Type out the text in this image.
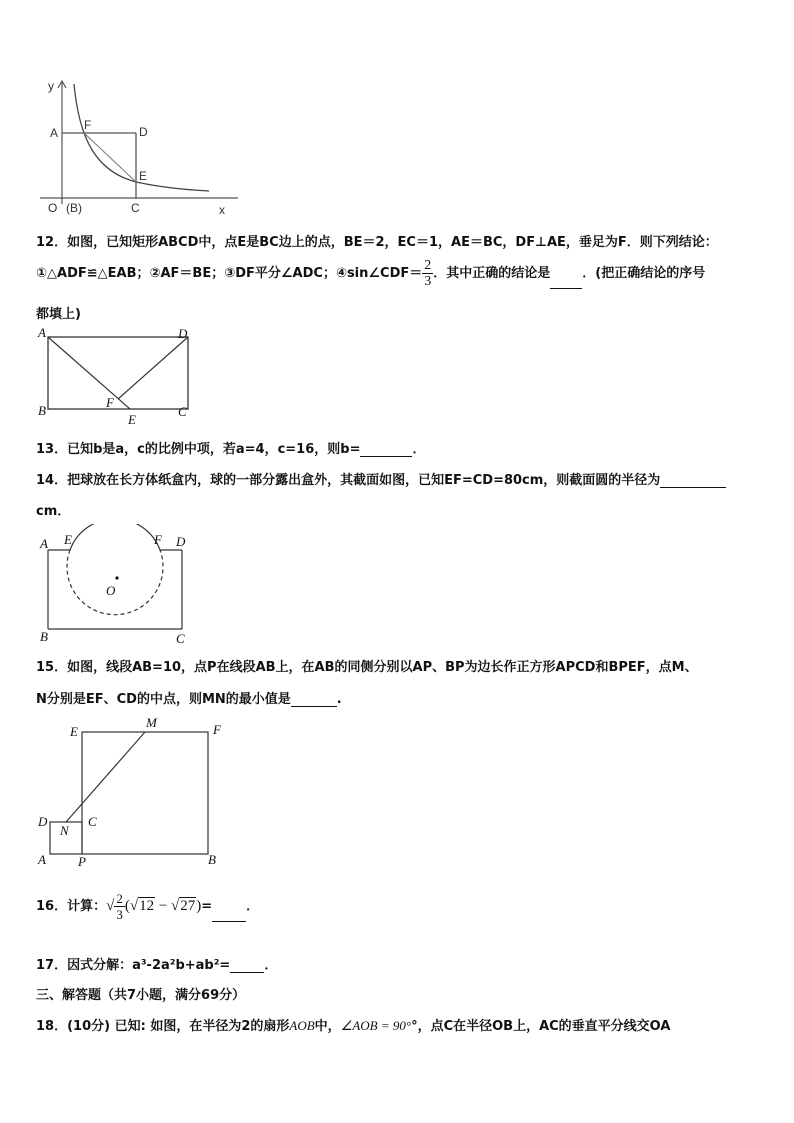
y
A
F	D
E
O (B)	C	x
12．如图，已知矩形ABCD中，点E是BC边上的点，BE＝2，EC＝1，AE＝BC，DF⊥AE，垂足为F．则下列结论：
①△ADF≌△EAB；②AF＝BE；③DF平分∠ADC；④sin∠CDF＝ $\frac{2}{3}$ ．其中正确的结论是 ．(把正确结论的序号
都填上)
A	D
B	C
F
E
13．已知b是a，c的比例中项，若a=4，c=16，则b=	．
14．把球放在长方体纸盒内，球的一部分露出盒外，其截面如图，已知EF=CD=80cm，则截面圆的半径为
cm．
A E	F D
O
B	C
15．如图，线段AB=10，点P在线段AB上，在AB的同侧分别以AP、BP为边长作正方形APCD和BPEF，点M、
N分别是EF、CD的中点，则MN的最小值是	.
M
E	F
D
N
C
A P	B
16．计算：√ $\frac{2}{3} (√12 - √27)=$	．
17．因式分解：a³-2a²b+ab²=	．
三、解答题（共7小题，满分69分）
18．(10分) 已知: 如图，在半径为2的扇形AOB中，∠AOB = 90°°，点C在半径OB上，AC的垂直平分线交OA
